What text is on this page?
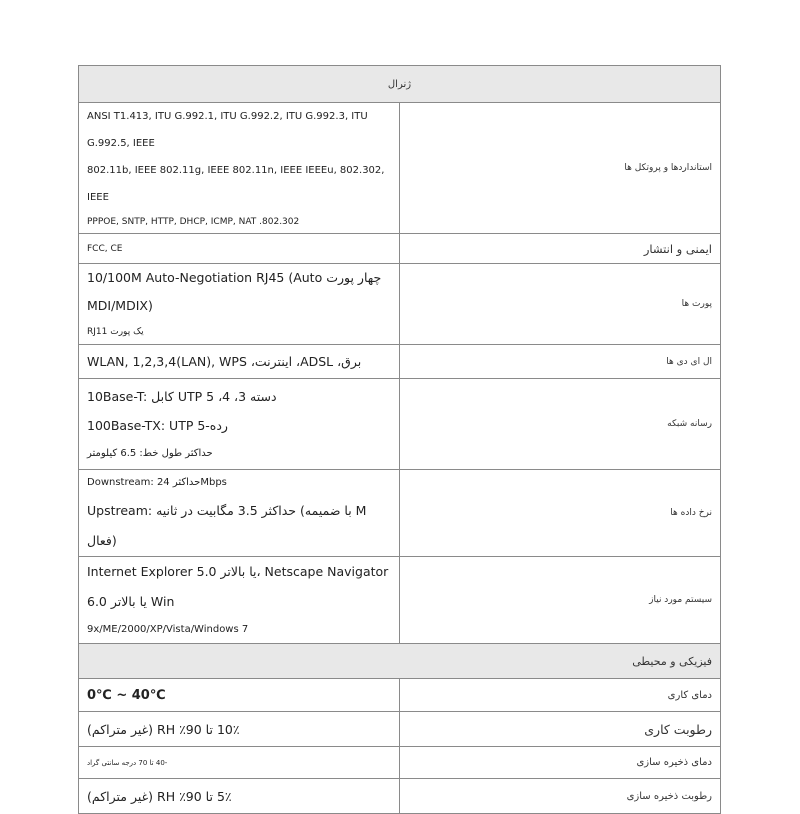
ژنرال	

ANSI T1.413, ITU G.992.1, ITU G.992.2, ITU G.992.3, ITU G.992.5, IEEE
802.11b, IEEE 802.11g, IEEE 802.11n, IEEE IEEEu, 802.302, IEEE
PPPOE, SNTP, HTTP, DHCP, ICMP, NAT .802.302	استانداردها و پروتکل ها
FCC, CE	ایمنی و انتشار

چهار پورت 10/100M Auto-Negotiation RJ45 (Auto MDI/MDIX)
یک پورت RJ11	پورت ها

برق، ADSL، اینترنت، WLAN, 1,2,3,4(LAN), WPS	ال ای دی ها

10Base-T: کابل UTP دسته 3، 4، 5
100Base-TX: UTP رده-5
حداکثر طول خط: 6.5 کیلومتر	رسانه شبکه

Downstream: حداکثر 24Mbps
Upstream: حداکثر 3.5 مگابیت در ثانیه (با ضمیمه M فعال)	نرخ داده ها

Internet Explorer 5.0 یا بالاتر، Netscape Navigator 6.0 یا بالاتر Win
9x/ME/2000/XP/Vista/Windows 7	سیستم مورد نیاز
فیزیکی و محیطی	

0℃ ~ 40℃	دمای کاری

10٪ تا 90٪ RH (غیر متراکم)	رطوبت کاری

-40 تا 70 درجه سانتی گراد	دمای ذخیره سازی

5٪ تا 90٪ RH (غیر متراکم)	رطوبت ذخیره سازی
